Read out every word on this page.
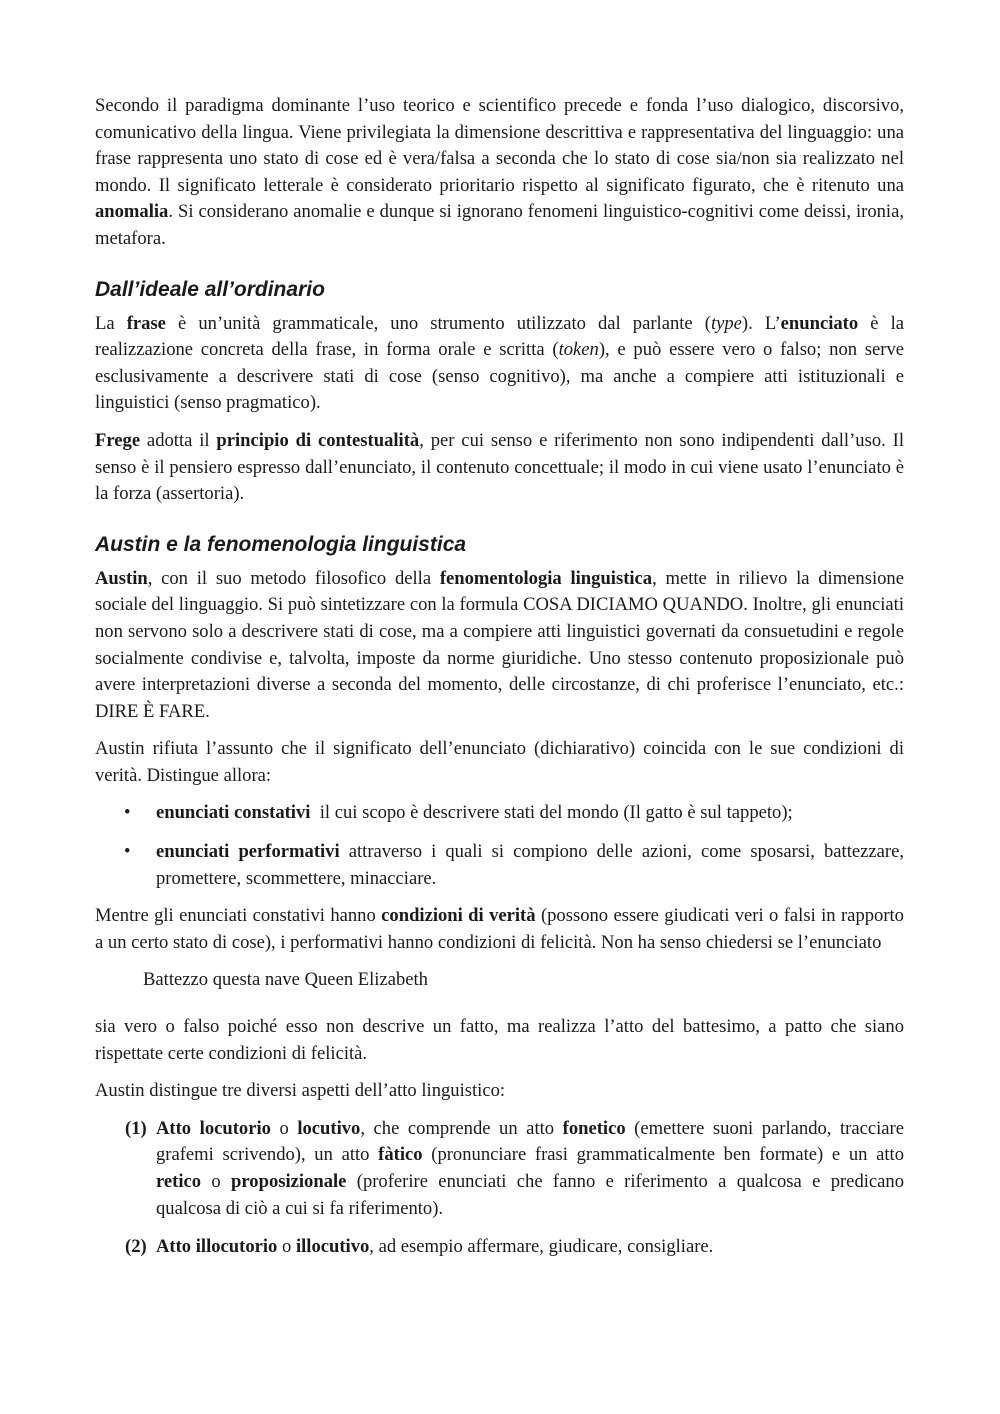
Secondo il paradigma dominante l’uso teorico e scientifico precede e fonda l’uso dialogico, discorsivo, comunicativo della lingua. Viene privilegiata la dimensione descrittiva e rappresentativa del linguaggio: una frase rappresenta uno stato di cose ed è vera/falsa a seconda che lo stato di cose sia/non sia realizzato nel mondo. Il significato letterale è considerato prioritario rispetto al significato figurato, che è ritenuto una anomalia. Si considerano anomalie e dunque si ignorano fenomeni linguistico-cognitivi come deissi, ironia, metafora.

Dall’ideale all’ordinario

La frase è un’unità grammaticale, uno strumento utilizzato dal parlante (type). L’enunciato è la realizzazione concreta della frase, in forma orale e scritta (token), e può essere vero o falso; non serve esclusivamente a descrivere stati di cose (senso cognitivo), ma anche a compiere atti istituzionali e linguistici (senso pragmatico).

Frege adotta il principio di contestualità, per cui senso e riferimento non sono indipendenti dall’uso. Il senso è il pensiero espresso dall’enunciato, il contenuto concettuale; il modo in cui viene usato l’enunciato è la forza (assertoria).

Austin e la fenomenologia linguistica

Austin, con il suo metodo filosofico della fenomentologia linguistica, mette in rilievo la dimensione sociale del linguaggio. Si può sintetizzare con la formula COSA DICIAMO QUANDO. Inoltre, gli enunciati non servono solo a descrivere stati di cose, ma a compiere atti linguistici governati da consuetudini e regole socialmente condivise e, talvolta, imposte da norme giuridiche. Uno stesso contenuto proposizionale può avere interpretazioni diverse a seconda del momento, delle circostanze, di chi proferisce l’enunciato, etc.: DIRE È FARE.

Austin rifiuta l’assunto che il significato dell’enunciato (dichiarativo) coincida con le sue condizioni di verità. Distingue allora:

• enunciati constativi  il cui scopo è descrivere stati del mondo (Il gatto è sul tappeto);
• enunciati performativi attraverso i quali si compiono delle azioni, come sposarsi, battezzare, promettere, scommettere, minacciare.

Mentre gli enunciati constativi hanno condizioni di verità (possono essere giudicati veri o falsi in rapporto a un certo stato di cose), i performativi hanno condizioni di felicità. Non ha senso chiedersi se l’enunciato

Battezzo questa nave Queen Elizabeth

sia vero o falso poiché esso non descrive un fatto, ma realizza l’atto del battesimo, a patto che siano rispettate certe condizioni di felicità.

Austin distingue tre diversi aspetti dell’atto linguistico:

(1) Atto locutorio o locutivo, che comprende un atto fonetico (emettere suoni parlando, tracciare grafemi scrivendo), un atto fàtico (pronunciare frasi grammaticalmente ben formate) e un atto retico o proposizionale (proferire enunciati che fanno e riferimento a qualcosa e predicano qualcosa di ciò a cui si fa riferimento).
(2) Atto illocutorio o illocutivo, ad esempio affermare, giudicare, consigliare.
